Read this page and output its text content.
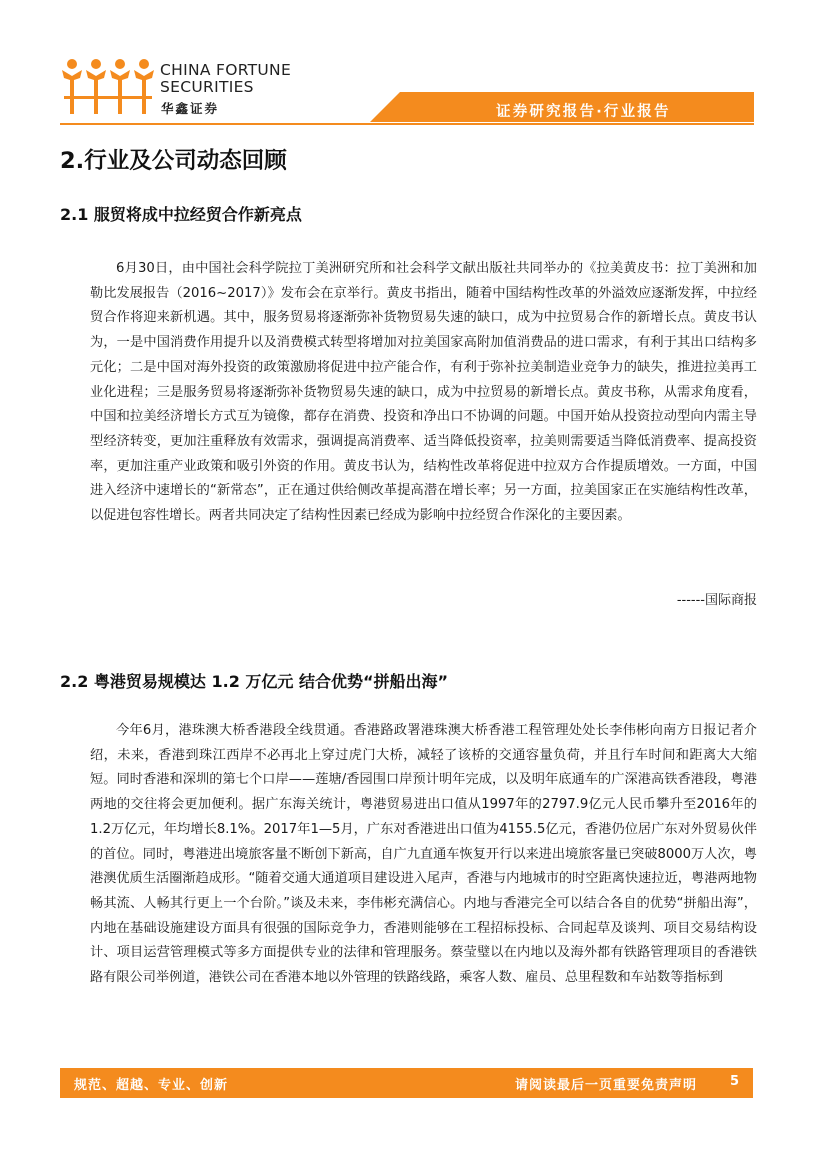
CHINA FORTUNE
SECURITIES
华鑫证券	证券研究报告·行业报告
2.行业及公司动态回顾
2.1 服贸将成中拉经贸合作新亮点

6月30日，由中国社会科学院拉丁美洲研究所和社会科学文献出版社共同举办的《拉美黄皮书：拉丁美洲和加勒比发展报告（2016~2017）》发布会在京举行。黄皮书指出，随着中国结构性改革的外溢效应逐渐发挥，中拉经贸合作将迎来新机遇。其中，服务贸易将逐渐弥补货物贸易失速的缺口，成为中拉贸易合作的新增长点。黄皮书认为，一是中国消费作用提升以及消费模式转型将增加对拉美国家高附加值消费品的进口需求，有利于其出口结构多元化；二是中国对海外投资的政策激励将促进中拉产能合作，有利于弥补拉美制造业竞争力的缺失，推进拉美再工业化进程；三是服务贸易将逐渐弥补货物贸易失速的缺口，成为中拉贸易的新增长点。黄皮书称，从需求角度看，中国和拉美经济增长方式互为镜像，都存在消费、投资和净出口不协调的问题。中国开始从投资拉动型向内需主导型经济转变，更加注重释放有效需求，强调提高消费率、适当降低投资率，拉美则需要适当降低消费率、提高投资率，更加注重产业政策和吸引外资的作用。黄皮书认为，结构性改革将促进中拉双方合作提质增效。一方面，中国进入经济中速增长的“新常态”，正在通过供给侧改革提高潜在增长率；另一方面，拉美国家正在实施结构性改革，以促进包容性增长。两者共同决定了结构性因素已经成为影响中拉经贸合作深化的主要因素。

------国际商报
2.2 粤港贸易规模达 1.2 万亿元 结合优势“拼船出海”

今年6月，港珠澳大桥香港段全线贯通。香港路政署港珠澳大桥香港工程管理处处长李伟彬向南方日报记者介绍，未来，香港到珠江西岸不必再北上穿过虎门大桥，减轻了该桥的交通容量负荷，并且行车时间和距离大大缩短。同时香港和深圳的第七个口岸——莲塘/香园围口岸预计明年完成，以及明年底通车的广深港高铁香港段，粤港两地的交往将会更加便利。据广东海关统计，粤港贸易进出口值从1997年的2797.9亿元人民币攀升至2016年的1.2万亿元，年均增长8.1%。2017年1—5月，广东对香港进出口值为4155.5亿元，香港仍位居广东对外贸易伙伴的首位。同时，粤港进出境旅客量不断创下新高，自广九直通车恢复开行以来进出境旅客量已突破8000万人次，粤港澳优质生活圈渐趋成形。“随着交通大通道项目建设进入尾声，香港与内地城市的时空距离快速拉近，粤港两地物畅其流、人畅其行更上一个台阶。”谈及未来，李伟彬充满信心。内地与香港完全可以结合各自的优势“拼船出海”，内地在基础设施建设方面具有很强的国际竞争力，香港则能够在工程招标投标、合同起草及谈判、项目交易结构设计、项目运营管理模式等多方面提供专业的法律和管理服务。蔡莹璧以在内地以及海外都有铁路管理项目的香港铁路有限公司举例道，港铁公司在香港本地以外管理的铁路线路，乘客人数、雇员、总里程数和车站数等指标到

规范、超越、专业、创新	请阅读最后一页重要免责声明	5
